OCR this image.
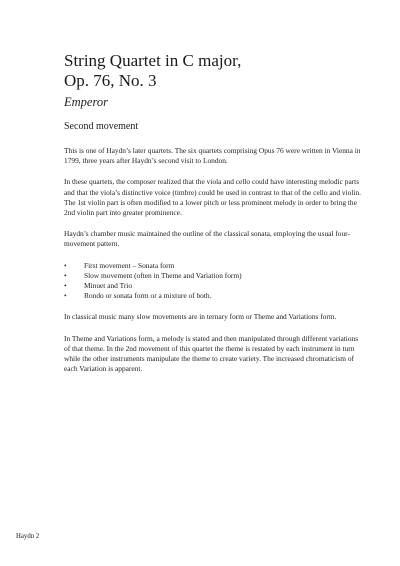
String Quartet in C major,
Op. 76, No. 3
Emperor
Second movement

This is one of Haydn’s later quartets. The six quartets comprising Opus 76 were written in Vienna in 1799, three years after Haydn’s second visit to London.

In these quartets, the composer realized that the viola and cello could have interesting melodic parts and that the viola’s distinctive voice (timbre) could be used in contrast to that of the cello and violin. The 1st violin part is often modified to a lower pitch or less prominent melody in order to bring the 2nd violin part into greater prominence.

Haydn’s chamber music maintained the outline of the classical sonata, employing the usual four-movement pattern.

• First movement – Sonata form
• Slow movement (often in Theme and Variation form)
• Minuet and Trio
• Rondo or sonata form or a mixture of both.

In classical music many slow movements are in ternary form or Theme and Variations form.

In Theme and Variations form, a melody is stated and then manipulated through different variations of that theme. In the 2nd movement of this quartet the theme is restated by each instrument in turn while the other instruments manipulate the theme to create variety. The increased chromaticism of each Variation is apparent.

Haydn 2
